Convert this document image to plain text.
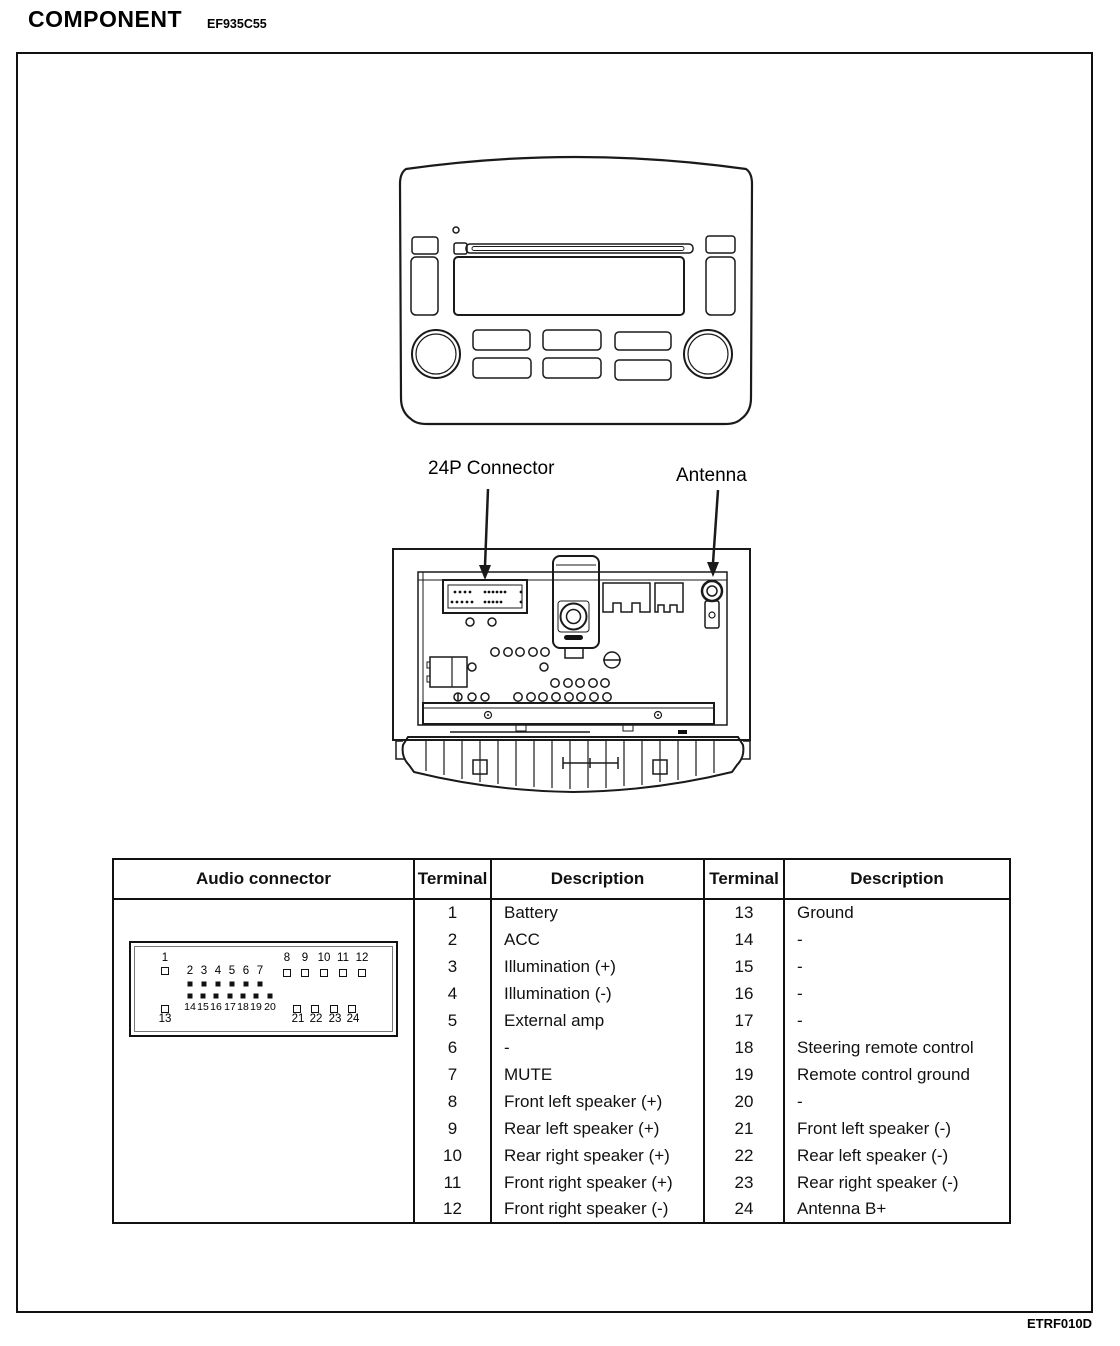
COMPONENT EF935C55
24P Connector	Antenna
Audio connector	Terminal	Description	Terminal	Description

1
2 3 4 5 6 7
8 9 10 11 12
13
14 15 16 17 18 19 20
21 22 23 24
	1	Battery	13	Ground
	2	ACC	14	-
	3	Illumination (+)	15	-
	4	Illumination (-)	16	-
	5	External amp	17	-
	6	-	18	Steering remote control
	7	MUTE	19	Remote control ground
	8	Front left speaker (+)	20	-
	9	Rear left speaker (+)	21	Front left speaker (-)
	10	Rear right speaker (+)	22	Rear left speaker (-)
	11	Front right speaker (+)	23	Rear right speaker (-)
	12	Front right speaker (-)	24	Antenna B+
ETRF010D
